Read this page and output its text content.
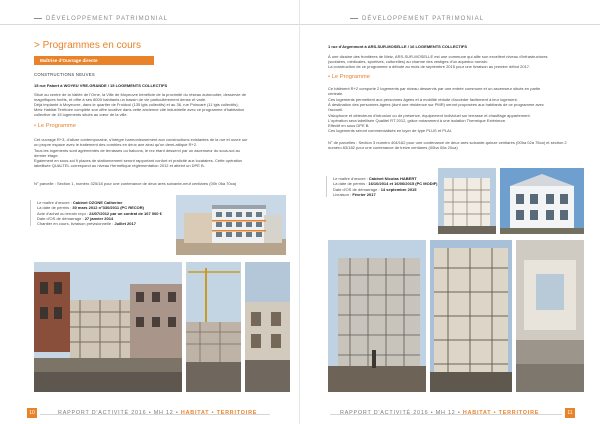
DÉVELOPPEMENT PATRIMONIAL
> Programmes en cours
Maîtrise d'Ouvrage directe
CONSTRUCTIONS NEUVES
15 rue Fabert à WOYEU VRE-GRANDE / 15 LOGEMENTS COLLECTIFS
Situé au centre de la Vallée de l'Orne, la Ville de Moyeuvre bénéficie de la proximité du réseau autoroutier, desservie de
magnifiques forêts, et offre à ses 8000 habitants un bassin de vie particulièrement dense et varié.
Déjà implanté à Moyeuvre, dans le quartier de Froidcul (135 lgts collectifs) et au 36, rue Poincaré (11 lgts collectifs),
Metz Habitat Territoire complète son offre locative dans cette ancienne cité industrielle avec ce programme d'habitation
collective de 15 logements situés au cœur de la ville.
• Le Programme
Cet ouvrage R+3, d'allure contemporaine, s'intègre harmonieusement aux constructions existantes de la rue et ouvre sur
un propre espace avec le traitement des combles en deux axe ainsi qu'un demi-attique R+2.
Tous les logements sont agrémentés de terrasses ou balcons, le rez étant desservi par un ascenseur du sous-sol au
dernier étage.
Egalement en sous-sol 9 places de stationnement seront rapportant confort et praticité aux locataires. Cette opération
labellisée QUALTEL correspond au niveau Hermétique réglementation 2012 et atteint un DPE B.
N° parcelle : Section 1, numéro 325/18 pour une contenance de deux ares soixante-neuf centiares (00h 06a 70ca)
Le maître d'œuvre : Cabinet OZONE Catherine
La date de permis : 30 mars 2012 n°330/2011 (PC RECOR)
Acte d'achat ou terrain reçu : 24/07/2012 par un contrat de 167 000 €
Date d'OS de démarrage : 27 janvier 2014
Chantier en cours, livraison prévisionnelle : Juillet 2017
10	RAPPORT D'ACTIVITÉ 2016 • MH 12 • HABITAT • TERRITOIRE
DÉVELOPPEMENT PATRIMONIAL
1 rue d'Argenmont à ARS-SUR-MOSELLE / 16 LOGEMENTS COLLECTIFS
À une dizaine des frontières de Metz, ARS-SUR-MOSELLE est une commune qui allie son excellent niveau d'infrastructures
(scolaires, médicales, sportives, culturelles) au charme des vestiges d'un aqueduc romain.
La construction de ce programme a débuté au mois de septembre 2015 pour une livraison au premier début 2017.
• Le Programme
Ce bâtiment R+2 comporte 2 logements par niveau desservis par une entrée commune et un ascenseur situés en partie
centrale.
Ces logements permettent aux personnes âgées et à mobilité réduite d'accéder facilement à leur logement.
À destination des personnes âgées (dont une résidence sur PMR) seront proposées aux habitants de ce programme avec
l'accueil.
Visiophone et détecteurs d'intrusion ou de présence, équipement individuel sur terrasse et chauffage appartement.
L'opération sera labellisée Qualitel RT 2012, grâce notamment à une isolation Thermique Extérieure.
Effectif en sous DPE B.
Ces logements seront commercialisés en loyer de type PLUS et PLAI.
N° de parcelles : Section 3 numéro 404/162 pour une contenance de deux ares soixante-quinze centiares (00ha 02a 75ca) et section 2 numéro 83/182 pour une contenance de treize centiares (00ha 00a 20ca)
Le maître d'œuvre : Cabinet Nicolas HABERT
La date de permis : 16/10/2014 et 16/06/2015 (PC MODIF)
Date d'OS de démarrage : 14 septembre 2015
Livraison : Février 2017
RAPPORT D'ACTIVITÉ 2016 • MH 12 • HABITAT • TERRITOIRE	11
